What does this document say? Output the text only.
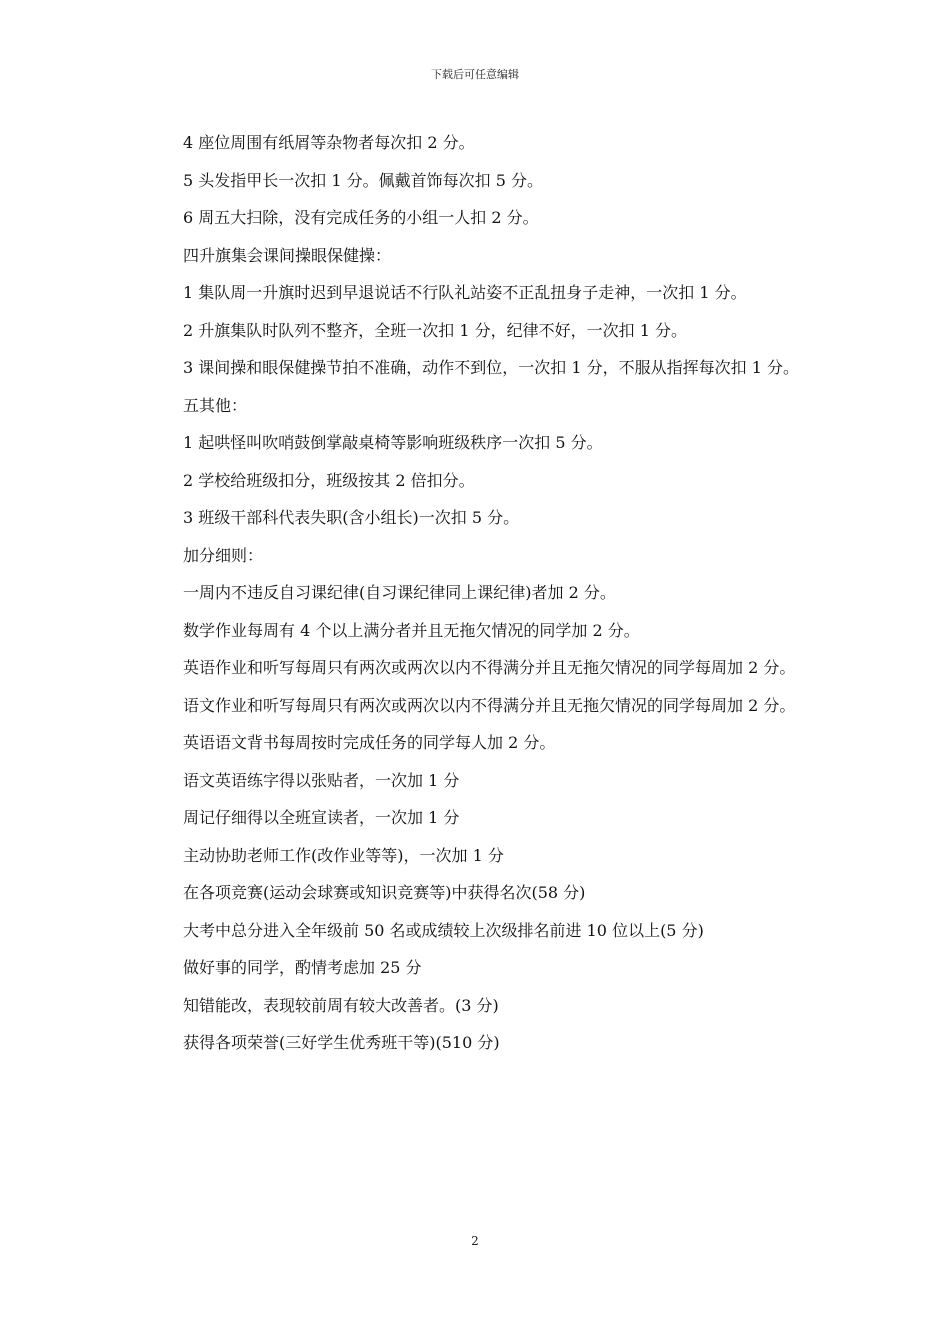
下载后可任意编辑

4 座位周围有纸屑等杂物者每次扣 2 分。

5 头发指甲长一次扣 1 分。佩戴首饰每次扣 5 分。

6 周五大扫除，没有完成任务的小组一人扣 2 分。

四升旗集会课间操眼保健操：

1 集队周一升旗时迟到早退说话不行队礼站姿不正乱扭身子走神，一次扣 1 分。

2 升旗集队时队列不整齐，全班一次扣 1 分，纪律不好，一次扣 1 分。

3 课间操和眼保健操节拍不准确，动作不到位，一次扣 1 分，不服从指挥每次扣 1 分。

五其他：

1 起哄怪叫吹哨鼓倒掌敲桌椅等影响班级秩序一次扣 5 分。

2 学校给班级扣分，班级按其 2 倍扣分。

3 班级干部科代表失职(含小组长)一次扣 5 分。

加分细则：

一周内不违反自习课纪律(自习课纪律同上课纪律)者加 2 分。

数学作业每周有 4 个以上满分者并且无拖欠情况的同学加 2 分。

英语作业和听写每周只有两次或两次以内不得满分并且无拖欠情况的同学每周加 2 分。

语文作业和听写每周只有两次或两次以内不得满分并且无拖欠情况的同学每周加 2 分。

英语语文背书每周按时完成任务的同学每人加 2 分。

语文英语练字得以张贴者，一次加 1 分

周记仔细得以全班宣读者，一次加 1 分

主动协助老师工作(改作业等等)，一次加 1 分

在各项竞赛(运动会球赛或知识竞赛等)中获得名次(58 分)

大考中总分进入全年级前 50 名或成绩较上次级排名前进 10 位以上(5 分)

做好事的同学，酌情考虑加 25 分

知错能改，表现较前周有较大改善者。(3 分)

获得各项荣誉(三好学生优秀班干等)(510 分)

2
